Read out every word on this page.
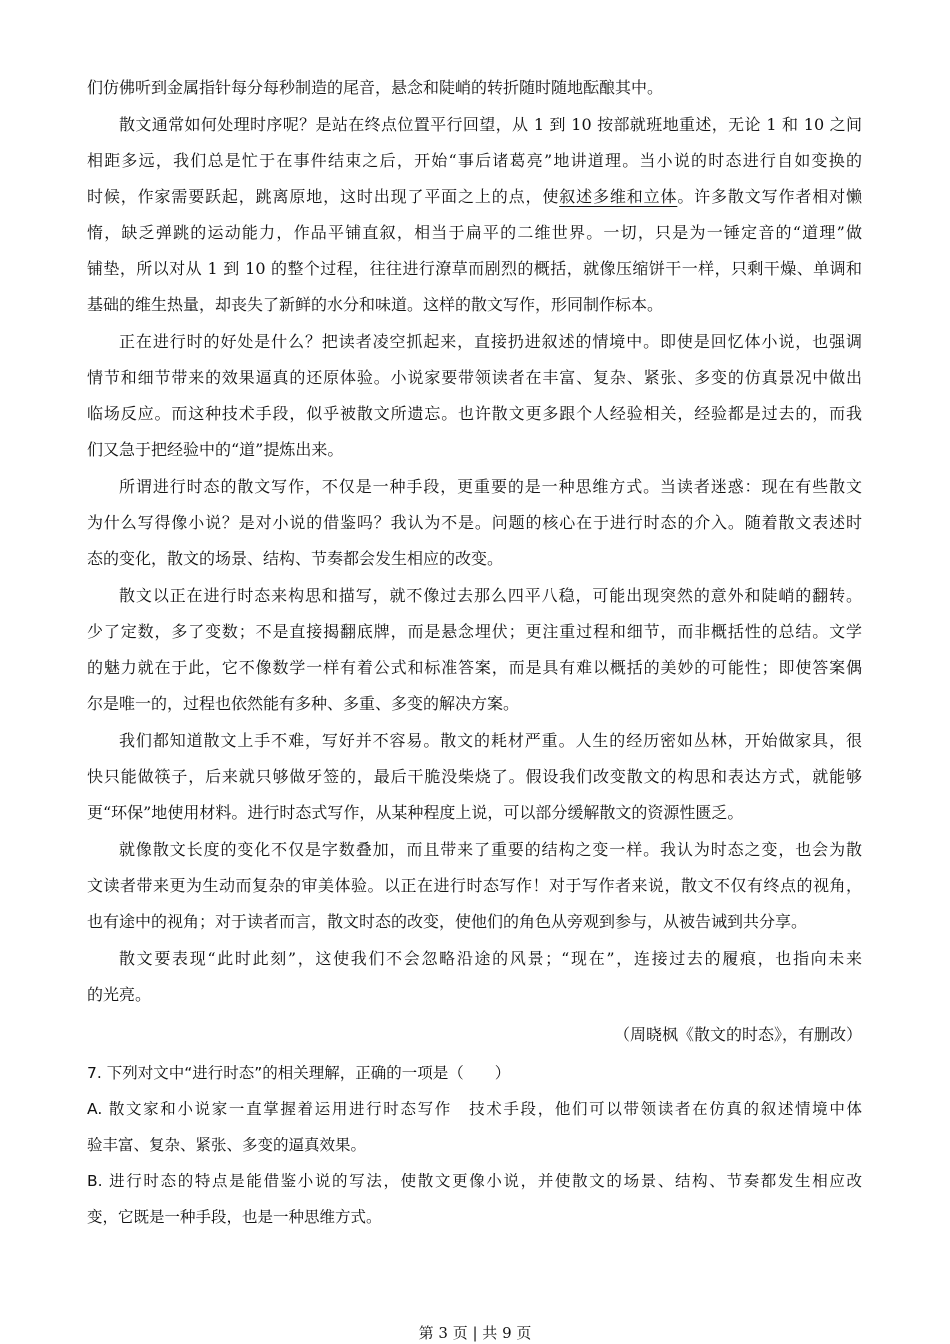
们仿佛听到金属指针每分每秒制造的尾音，悬念和陡峭的转折随时随地酝酿其中。
散文通常如何处理时序呢？是站在终点位置平行回望，从 1 到 10 按部就班地重述，无论 1 和 10 之间
相距多远，我们总是忙于在事件结束之后，开始“事后诸葛亮”地讲道理。当小说的时态进行自如变换的
时候，作家需要跃起，跳离原地，这时出现了平面之上的点，使叙述多维和立体。许多散文写作者相对懒
惰，缺乏弹跳的运动能力，作品平铺直叙，相当于扁平的二维世界。一切，只是为一锤定音的“道理”做
铺垫，所以对从 1 到 10 的整个过程，往往进行潦草而剧烈的概括，就像压缩饼干一样，只剩干燥、单调和
基础的维生热量，却丧失了新鲜的水分和味道。这样的散文写作，形同制作标本。
正在进行时的好处是什么？把读者凌空抓起来，直接扔进叙述的情境中。即使是回忆体小说，也强调
情节和细节带来的效果逼真的还原体验。小说家要带领读者在丰富、复杂、紧张、多变的仿真景况中做出
临场反应。而这种技术手段，似乎被散文所遗忘。也许散文更多跟个人经验相关，经验都是过去的，而我
们又急于把经验中的“道”提炼出来。
所谓进行时态的散文写作，不仅是一种手段，更重要的是一种思维方式。当读者迷惑：现在有些散文
为什么写得像小说？是对小说的借鉴吗？我认为不是。问题的核心在于进行时态的介入。随着散文表述时
态的变化，散文的场景、结构、节奏都会发生相应的改变。
散文以正在进行时态来构思和描写，就不像过去那么四平八稳，可能出现突然的意外和陡峭的翻转。
少了定数，多了变数；不是直接揭翻底牌，而是悬念埋伏；更注重过程和细节，而非概括性的总结。文学
的魅力就在于此，它不像数学一样有着公式和标准答案，而是具有难以概括的美妙的可能性；即使答案偶
尔是唯一的，过程也依然能有多种、多重、多变的解决方案。
我们都知道散文上手不难，写好并不容易。散文的耗材严重。人生的经历密如丛林，开始做家具，很
快只能做筷子，后来就只够做牙签的，最后干脆没柴烧了。假设我们改变散文的构思和表达方式，就能够
更“环保”地使用材料。进行时态式写作，从某种程度上说，可以部分缓解散文的资源性匮乏。
就像散文长度的变化不仅是字数叠加，而且带来了重要的结构之变一样。我认为时态之变，也会为散
文读者带来更为生动而复杂的审美体验。以正在进行时态写作！对于写作者来说，散文不仅有终点的视角，
也有途中的视角；对于读者而言，散文时态的改变，使他们的角色从旁观到参与，从被告诫到共分享。
散文要表现“此时此刻”，这使我们不会忽略沿途的风景；“现在”，连接过去的履痕，也指向未来
的光亮。
（周晓枫《散文的时态》，有删改）
7. 下列对文中“进行时态”的相关理解，正确的一项是（　　）
A. 散文家和小说家一直掌握着运用进行时态写作　技术手段，他们可以带领读者在仿真的叙述情境中体
验丰富、复杂、紧张、多变的逼真效果。
B. 进行时态的特点是能借鉴小说的写法，使散文更像小说，并使散文的场景、结构、节奏都发生相应改
变，它既是一种手段，也是一种思维方式。
第 3 页 | 共 9 页
